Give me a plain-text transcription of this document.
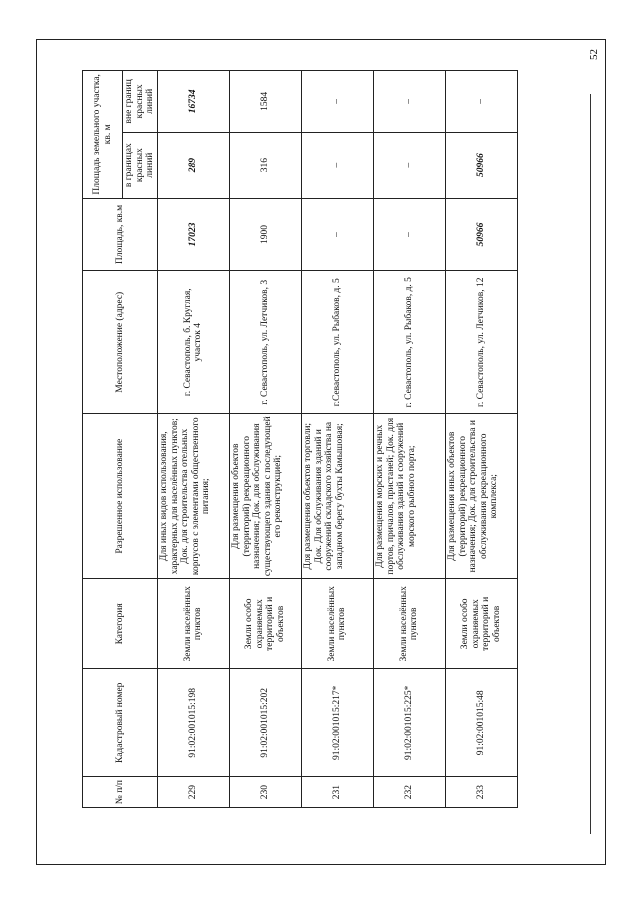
52
№ п/п	Кадастровый номер	Категория	Разрешенное использование	Местоположение (адрес)	Площадь, кв.м	Площадь земельного участка, кв. м	
						в границах красных линий	вне границ красных линий
229	91:02:001015:198	Земли населённых пунктов	Для иных видов использования, характерных для населённых пунктов; Док. для строительства отельных корпусов с элементами общественного питания;	г. Севастополь, б. Круглая, участок 4	17023	289	16734
230	91:02:001015:202	Земли особо охраняемых территорий и объектов	Для размещения объектов (территорий) рекреационного назначения; Док. для обслуживания существующего здания с последующей его реконструкцией;	г. Севастополь, ул. Летчиков, 3	1900	316	1584
231	91:02:001015:217*	Земли населённых пунктов	Для размещения объектов торговли; Док. Для обслуживания зданий и сооружений складского хозяйства на западном берегу бухты Камышовая;	г.Севастополь, ул. Рыбаков, д. 5	–	–	–
232	91:02:001015:225*	Земли населённых пунктов	Для размещения морских и речных портов, причалов, пристаней; Док. для обслуживания зданий и сооружений морского рыбного порта;	г. Севастополь, ул. Рыбаков, д. 5	–	–	–
233	91:02:001015:48	Земли особо охраняемых территорий и объектов	Для размещения иных объектов (территорий) рекреационного назначения; Док. для строительства и обслуживания рекреационного комплекса;	г. Севастополь, ул. Летчиков, 12	50966	50966	–
